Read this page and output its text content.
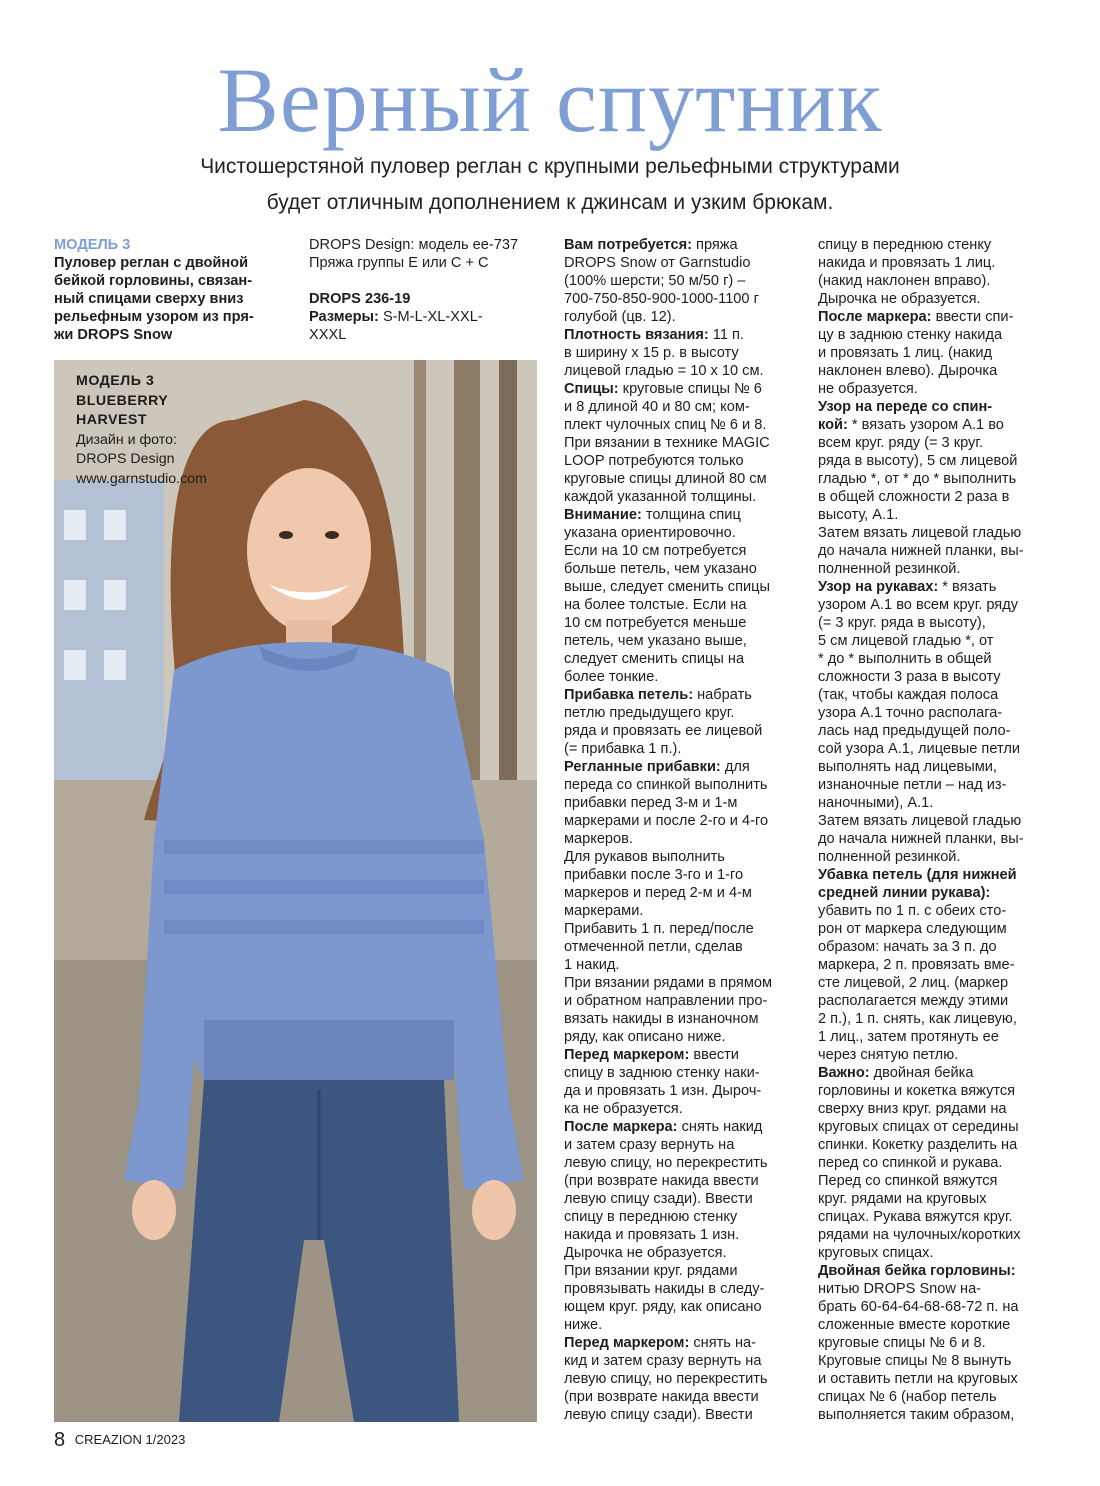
Верный спутник
Чистошерстяной пуловер реглан с крупными рельефными структурами
будет отличным дополнением к джинсам и узким брюкам.

МОДЕЛЬ 3

Пуловер реглан с двойной

бейкой горловины, связан-

ный спицами сверху вниз

рельефным узором из пря-

жи DROPS Snow

DROPS Design: модель ee-737

Пряжа группы E или C + C

DROPS 236-19

Размеры: S-M-L-XL-XXL-

XXXL

МОДЕЛЬ 3
BLUEBERRY
HARVEST
Дизайн и фото:
DROPS Design
www.garnstudio.com

Вам потребуется: пряжа

DROPS Snow от Garnstudio

(100% шерсти; 50 м/50 г) –

700-750-850-900-1000-1100 г

голубой (цв. 12).

Плотность вязания: 11 п.

в ширину х 15 р. в высоту

лицевой гладью = 10 х 10 см.

Спицы: круговые спицы № 6

и 8 длиной 40 и 80 см; ком-

плект чулочных спиц № 6 и 8.

При вязании в технике MAGIC

LOOP потребуются только

круговые спицы длиной 80 см

каждой указанной толщины.

Внимание: толщина спиц

указана ориентировочно.

Если на 10 см потребуется

больше петель, чем указано

выше, следует сменить спицы

на более толстые. Если на

10 см потребуется меньше

петель, чем указано выше,

следует сменить спицы на

более тонкие.

Прибавка петель: набрать

петлю предыдущего круг.

ряда и провязать ее лицевой

(= прибавка 1 п.).

Регланные прибавки: для

переда со спинкой выполнить

прибавки перед 3-м и 1-м

маркерами и после 2-го и 4-го

маркеров.

Для рукавов выполнить

прибавки после 3-го и 1-го

маркеров и перед 2-м и 4-м

маркерами.

Прибавить 1 п. перед/после

отмеченной петли, сделав

1 накид.

При вязании рядами в прямом

и обратном направлении про-

вязать накиды в изнаночном

ряду, как описано ниже.

Перед маркером: ввести

спицу в заднюю стенку наки-

да и провязать 1 изн. Дыроч-

ка не образуется.

После маркера: снять накид

и затем сразу вернуть на

левую спицу, но перекрестить

(при возврате накида ввести

левую спицу сзади). Ввести

спицу в переднюю стенку

накида и провязать 1 изн.

Дырочка не образуется.

При вязании круг. рядами

провязывать накиды в следу-

ющем круг. ряду, как описано

ниже.

Перед маркером: снять на-

кид и затем сразу вернуть на

левую спицу, но перекрестить

(при возврате накида ввести

левую спицу сзади). Ввести

спицу в переднюю стенку

накида и провязать 1 лиц.

(накид наклонен вправо).

Дырочка не образуется.

После маркера: ввести спи-

цу в заднюю стенку накида

и провязать 1 лиц. (накид

наклонен влево). Дырочка

не образуется.

Узор на переде со спин-

кой: * вязать узором A.1 во

всем круг. ряду (= 3 круг.

ряда в высоту), 5 см лицевой

гладью *, от * до * выполнить

в общей сложности 2 раза в

высоту, A.1.

Затем вязать лицевой гладью

до начала нижней планки, вы-

полненной резинкой.

Узор на рукавах: * вязать

узором A.1 во всем круг. ряду

(= 3 круг. ряда в высоту),

5 см лицевой гладью *, от

* до * выполнить в общей

сложности 3 раза в высоту

(так, чтобы каждая полоса

узора A.1 точно располага-

лась над предыдущей поло-

сой узора A.1, лицевые петли

выполнять над лицевыми,

изнаночные петли – над из-

наночными), A.1.

Затем вязать лицевой гладью

до начала нижней планки, вы-

полненной резинкой.

Убавка петель (для нижней

средней линии рукава):

убавить по 1 п. с обеих сто-

рон от маркера следующим

образом: начать за 3 п. до

маркера, 2 п. провязать вме-

сте лицевой, 2 лиц. (маркер

располагается между этими

2 п.), 1 п. снять, как лицевую,

1 лиц., затем протянуть ее

через снятую петлю.

Важно: двойная бейка

горловины и кокетка вяжутся

сверху вниз круг. рядами на

круговых спицах от середины

спинки. Кокетку разделить на

перед со спинкой и рукава.

Перед со спинкой вяжутся

круг. рядами на круговых

спицах. Рукава вяжутся круг.

рядами на чулочных/коротких

круговых спицах.

Двойная бейка горловины:

нитью DROPS Snow на-

брать 60-64-64-68-68-72 п. на

сложенные вместе короткие

круговые спицы № 6 и 8.

Круговые спицы № 8 вынуть

и оставить петли на круговых

спицах № 6 (набор петель

выполняется таким образом,

8 CREAZION 1/2023
